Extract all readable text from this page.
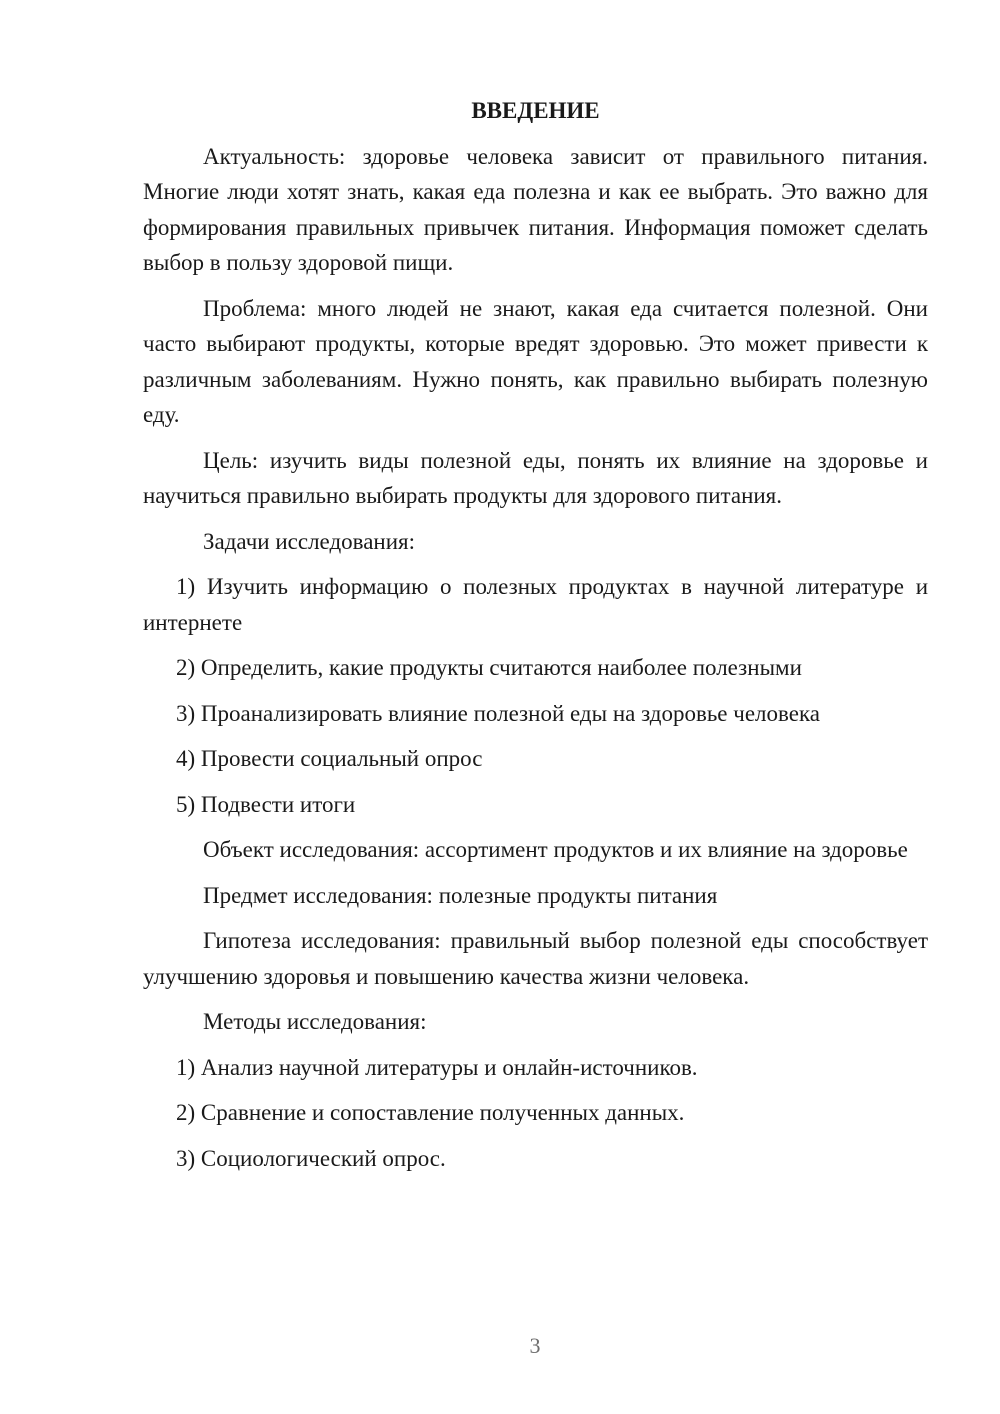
ВВЕДЕНИЕ

Актуальность: здоровье человека зависит от правильного питания. Многие люди хотят знать, какая еда полезна и как ее выбрать. Это важно для формирования правильных привычек питания. Информация поможет сделать выбор в пользу здоровой пищи.

Проблема: много людей не знают, какая еда считается полезной. Они часто выбирают продукты, которые вредят здоровью. Это может привести к различным заболеваниям. Нужно понять, как правильно выбирать полезную еду.

Цель: изучить виды полезной еды, понять их влияние на здоровье и научиться правильно выбирать продукты для здорового питания.

Задачи исследования:

1) Изучить информацию о полезных продуктах в научной литературе и интернете

2) Определить, какие продукты считаются наиболее полезными

3) Проанализировать влияние полезной еды на здоровье человека

4) Провести социальный опрос

5) Подвести итоги

Объект исследования: ассортимент продуктов и их влияние на здоровье

Предмет исследования: полезные продукты питания

Гипотеза исследования: правильный выбор полезной еды способствует улучшению здоровья и повышению качества жизни человека.

Методы исследования:

1) Анализ научной литературы и онлайн-источников.

2) Сравнение и сопоставление полученных данных.

3) Социологический опрос.

3
